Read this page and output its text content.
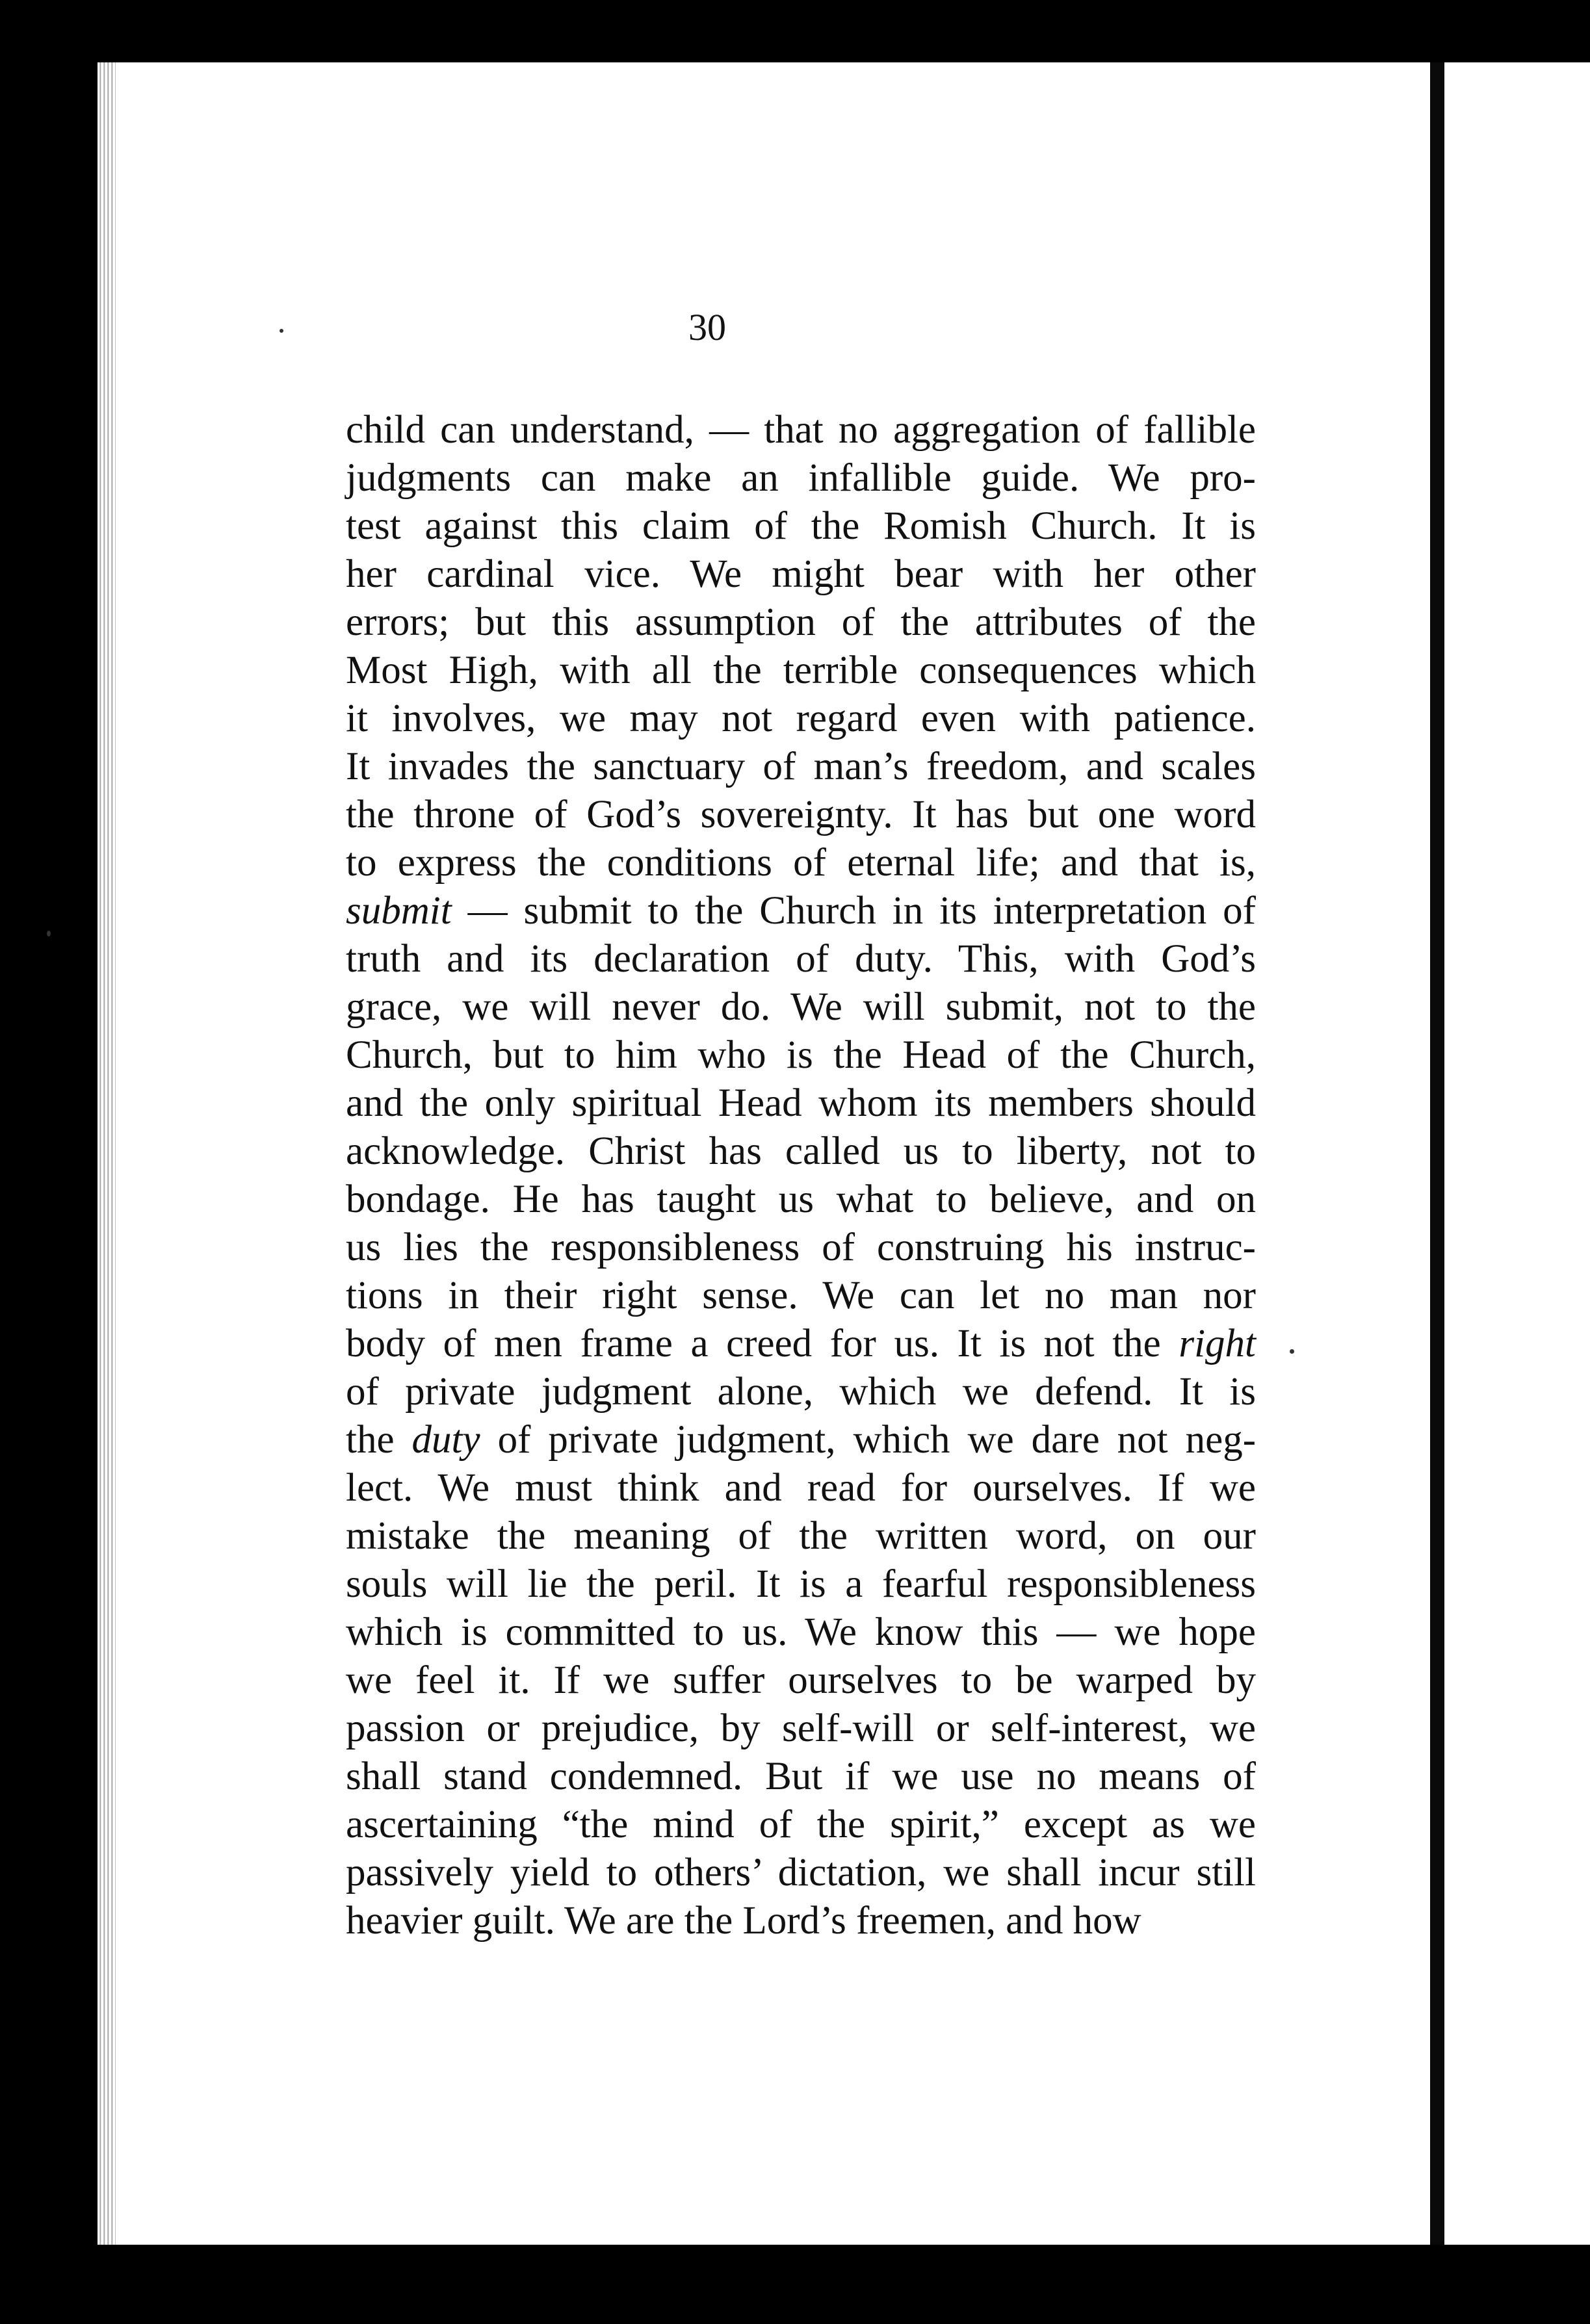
30
child can understand, — that no aggregation of fallible
judgments can make an infallible guide. We pro-
test against this claim of the Romish Church. It is
her cardinal vice. We might bear with her other
errors; but this assumption of the attributes of the
Most High, with all the terrible consequences which
it involves, we may not regard even with patience.
It invades the sanctuary of man’s freedom, and scales
the throne of God’s sovereignty. It has but one word
to express the conditions of eternal life; and that is,
submit — submit to the Church in its interpretation of
truth and its declaration of duty. This, with God’s
grace, we will never do. We will submit, not to the
Church, but to him who is the Head of the Church,
and the only spiritual Head whom its members should
acknowledge. Christ has called us to liberty, not to
bondage. He has taught us what to believe, and on
us lies the responsibleness of construing his instruc-
tions in their right sense. We can let no man nor
body of men frame a creed for us. It is not the right
of private judgment alone, which we defend. It is
the duty of private judgment, which we dare not neg-
lect. We must think and read for ourselves. If we
mistake the meaning of the written word, on our
souls will lie the peril. It is a fearful responsibleness
which is committed to us. We know this — we hope
we feel it. If we suffer ourselves to be warped by
passion or prejudice, by self-will or self-interest, we
shall stand condemned. But if we use no means of
ascertaining “the mind of the spirit,” except as we
passively yield to others’ dictation, we shall incur still
heavier guilt. We are the Lord’s freemen, and how
